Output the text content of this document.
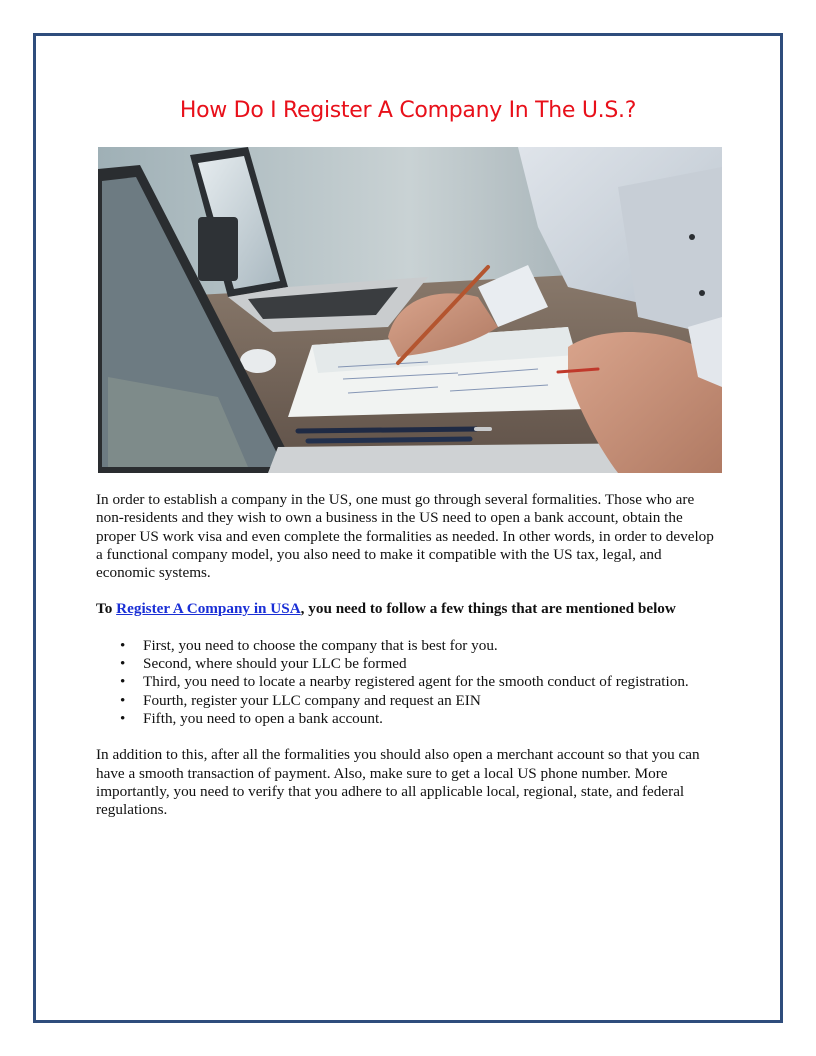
How Do I Register A Company In The U.S.?

In order to establish a company in the US, one must go through several formalities. Those who are non-residents and they wish to own a business in the US need to open a bank account, obtain the proper US work visa and even complete the formalities as needed. In other words, in order to develop a functional company model, you also need to make it compatible with the US tax, legal, and economic systems.

To Register A Company in USA, you need to follow a few things that are mentioned below

• First, you need to choose the company that is best for you.
• Second, where should your LLC be formed
• Third, you need to locate a nearby registered agent for the smooth conduct of registration.
• Fourth, register your LLC company and request an EIN
• Fifth, you need to open a bank account.

In addition to this, after all the formalities you should also open a merchant account so that you can have a smooth transaction of payment. Also, make sure to get a local US phone number. More importantly, you need to verify that you adhere to all applicable local, regional, state, and federal regulations.
